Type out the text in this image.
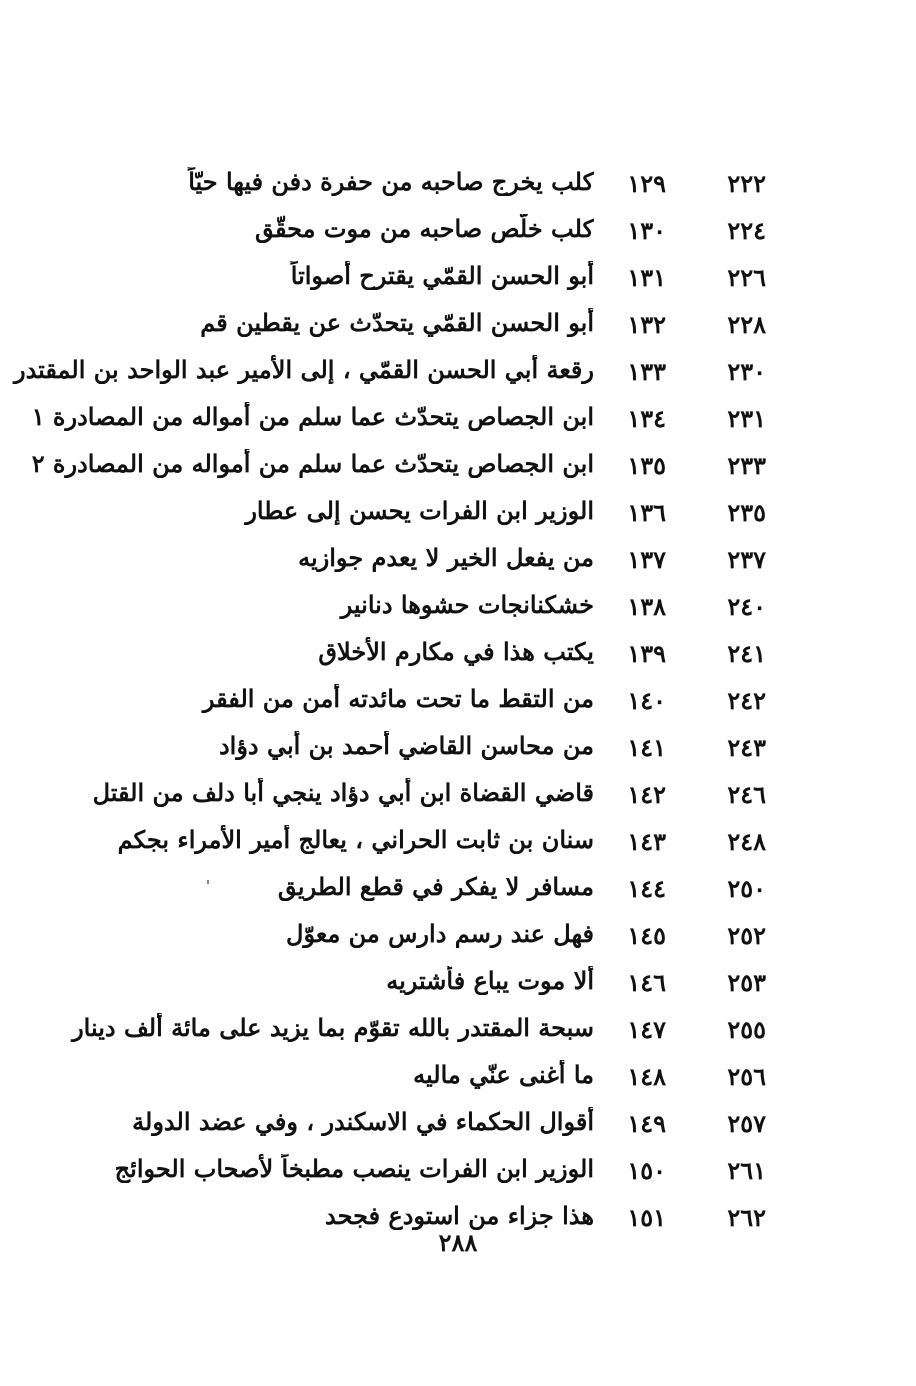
٢٢٢
١٢٩
كلب يخرج صاحبه من حفرة دفن فيها حيّاً
٢٢٤
١٣٠
كلب خلّص صاحبه من موت محقّق
٢٢٦
١٣١
أبو الحسن القمّي يقترح أصواتاً
٢٢٨
١٣٢
أبو الحسن القمّي يتحدّث عن يقطين قم
٢٣٠
١٣٣
رقعة أبي الحسن القمّي ، إلى الأمير عبد الواحد بن المقتدر
٢٣١
١٣٤
ابن الجصاص يتحدّث عما سلم من أمواله من المصادرة ١
٢٣٣
١٣٥
ابن الجصاص يتحدّث عما سلم من أمواله من المصادرة ٢
٢٣٥
١٣٦
الوزير ابن الفرات يحسن إلى عطار
٢٣٧
١٣٧
من يفعل الخير لا يعدم جوازيه
٢٤٠
١٣٨
خشكنانجات حشوها دنانير
٢٤١
١٣٩
يكتب هذا في مكارم الأخلاق
٢٤٢
١٤٠
من التقط ما تحت مائدته أمن من الفقر
٢٤٣
١٤١
من محاسن القاضي أحمد بن أبي دؤاد
٢٤٦
١٤٢
قاضي القضاة ابن أبي دؤاد ينجي أبا دلف من القتل
٢٤٨
١٤٣
سنان بن ثابت الحراني ، يعالج أمير الأمراء بجكم
٢٥٠
١٤٤
مسافر لا يفكر في قطع الطريق
٢٥٢
١٤٥
فهل عند رسم دارس من معوّل
٢٥٣
١٤٦
ألا موت يباع فأشتريه
٢٥٥
١٤٧
سبحة المقتدر بالله تقوّم بما يزيد على مائة ألف دينار
٢٥٦
١٤٨
ما أغنى عنّي ماليه
٢٥٧
١٤٩
أقوال الحكماء في الاسكندر ، وفي عضد الدولة
٢٦١
١٥٠
الوزير ابن الفرات ينصب مطبخاً لأصحاب الحوائج
٢٦٢
١٥١
هذا جزاء من استودع فجحد
٢٨٨
